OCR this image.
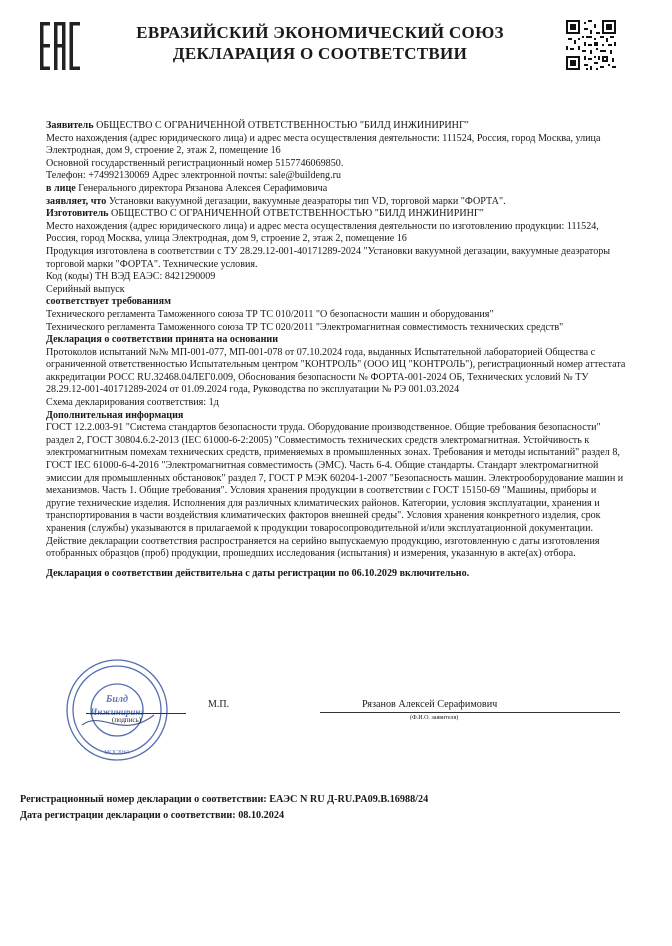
ЕВРАЗИЙСКИЙ ЭКОНОМИЧЕСКИЙ СОЮЗ
ДЕКЛАРАЦИЯ О СООТВЕТСТВИИ

Заявитель ОБЩЕСТВО С ОГРАНИЧЕННОЙ ОТВЕТСТВЕННОСТЬЮ "БИЛД ИНЖИНИРИНГ"

Место нахождения (адрес юридического лица) и адрес места осуществления деятельности: 111524, Россия, город Москва, улица Электродная, дом 9, строение 2, этаж 2, помещение 16

Основной государственный регистрационный номер 5157746069850.

Телефон: +74992130069 Адрес электронной почты: sale@buildeng.ru

в лице Генерального директора Рязанова Алексея Серафимовича

заявляет, что Установки вакуумной дегазации, вакуумные деаэраторы тип VD, торговой марки "ФОРТА".

Изготовитель ОБЩЕСТВО С ОГРАНИЧЕННОЙ ОТВЕТСТВЕННОСТЬЮ "БИЛД ИНЖИНИРИНГ"

Место нахождения (адрес юридического лица) и адрес места осуществления деятельности по изготовлению продукции: 111524, Россия, город Москва, улица Электродная, дом 9, строение 2, этаж 2, помещение 16

Продукция изготовлена в соответствии с ТУ 28.29.12-001-40171289-2024 "Установки вакуумной дегазации, вакуумные деаэраторы торговой марки "ФОРТА". Технические условия.

Код (коды) ТН ВЭД ЕАЭС: 8421290009

Серийный выпуск

соответствует требованиям

Технического регламента Таможенного союза ТР ТС 010/2011 "О безопасности машин и оборудования"

Технического регламента Таможенного союза ТР ТС 020/2011 "Электромагнитная совместимость технических средств"

Декларация о соответствии принята на основании

Протоколов испытаний №№ МП-001-077, МП-001-078 от 07.10.2024 года, выданных Испытательной лабораторией Общества с ограниченной ответственностью Испытательным центром "КОНТРОЛЬ" (ООО ИЦ "КОНТРОЛЬ"), регистрационный номер аттестата аккредитации РОСС RU.32468.04ЛЕГ0.009, Обоснования безопасности № ФОРТА-001-2024 ОБ, Технических условий № ТУ 28.29.12-001-40171289-2024 от 01.09.2024 года, Руководства по эксплуатации № РЭ 001.03.2024

Схема декларирования соответствия: 1д

Дополнительная информация

ГОСТ 12.2.003-91 "Система стандартов безопасности труда. Оборудование производственное. Общие требования безопасности" раздел 2, ГОСТ 30804.6.2-2013 (IEC 61000-6-2:2005) "Совместимость технических средств электромагнитная. Устойчивость к электромагнитным помехам технических средств, применяемых в промышленных зонах. Требования и методы испытаний" раздел 8, ГОСТ IEC 61000-6-4-2016 "Электромагнитная совместимость (ЭМС). Часть 6-4. Общие стандарты. Стандарт электромагнитной эмиссии для промышленных обстановок" раздел 7, ГОСТ Р МЭК 60204-1-2007 "Безопасность машин. Электрооборудование машин и механизмов. Часть 1. Общие требования". Условия хранения продукции в соответствии с ГОСТ 15150-69 "Машины, приборы и другие технические изделия. Исполнения для различных климатических районов. Категории, условия эксплуатации, хранения и транспортирования в части воздействия климатических факторов внешней среды". Условия хранения конкретного изделия, срок хранения (службы) указываются в прилагаемой к продукции товаросопроводительной и/или эксплуатационной документации. Действие декларации соответствия распространяется на серийно выпускаемую продукцию, изготовленную с даты изготовления отобранных образцов (проб) продукции, прошедших исследования (испытания) и измерения, указанную в акте(ах) отбора.

Декларация о соответствии действительна с даты регистрации по 06.10.2029 включительно.

Билд
Инжиниринг
МОСКВА
(подпись)
М.П.	Рязанов Алексей Серафимович
(Ф.И.О. заявителя)
Регистрационный номер декларации о соответствии: ЕАЭС N RU Д-RU.PA09.B.16988/24
Дата регистрации декларации о соответствии: 08.10.2024
